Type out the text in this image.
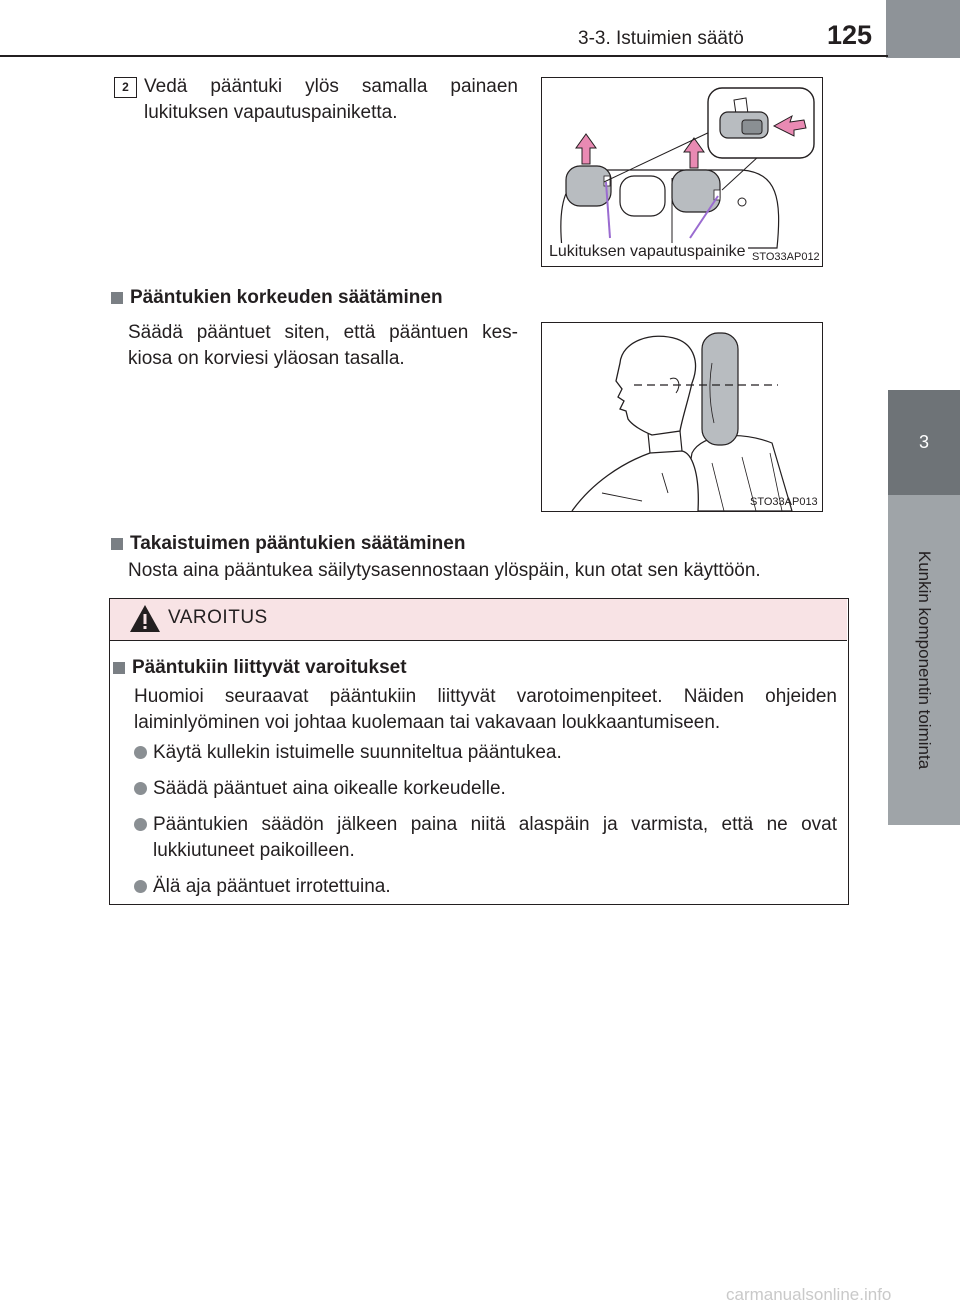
3-3. Istuimien säätö	125
3
Kunkin komponentin toiminta
2 Vedä pääntuki ylös samalla painaen lukituksen vapautuspainiketta.
Lukituksen vapautuspainike STO33AP012
Pääntukien korkeuden säätäminen
Säädä pääntuet siten, että pääntuen kes-kiosa on korviesi yläosan tasalla.
STO33AP013
Takaistuimen pääntukien säätäminen
Nosta aina pääntukea säilytysasennostaan ylöspäin, kun otat sen käyttöön.
VAROITUS
Pääntukiin liittyvät varoitukset
Huomioi seuraavat pääntukiin liittyvät varotoimenpiteet. Näiden ohjeiden laiminlyöminen voi johtaa kuolemaan tai vakavaan loukkaantumiseen.
Käytä kullekin istuimelle suunniteltua pääntukea.
Säädä pääntuet aina oikealle korkeudelle.
Pääntukien säädön jälkeen paina niitä alaspäin ja varmista, että ne ovat lukkiutuneet paikoilleen.
Älä aja pääntuet irrotettuina.
carmanualsonline.info
